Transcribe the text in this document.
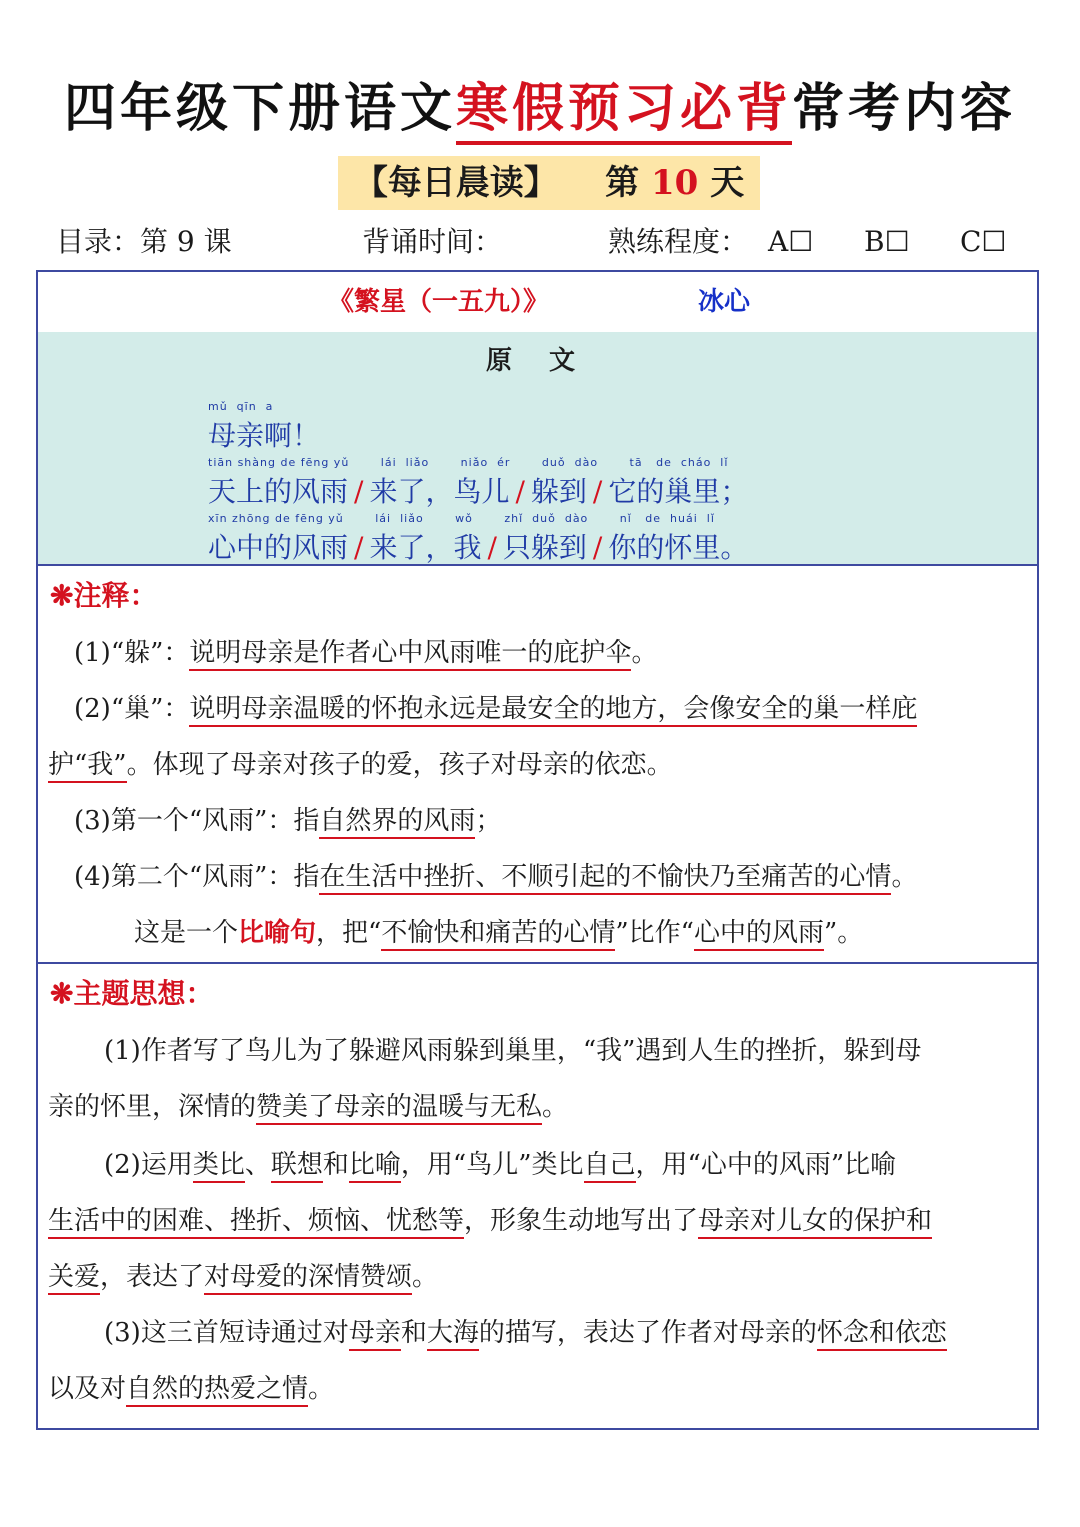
四年级下册语文寒假预习必背常考内容
【每日晨读】 第 10 天
目录：第 9 课	背诵时间：	熟练程度： A☐ B☐ C☐
《繁星（一五九）》	冰心
原 文
mǔ  qīn  a
母亲啊！
tiān shàng de fēng yǔ       lái  liǎo       niǎo  ér       duǒ  dào       tā   de  cháo  lǐ
天上的风雨 / 来了，鸟儿 / 躲到 / 它的巢里；
xīn zhōng de fēng yǔ       lái  liǎo       wǒ       zhǐ  duǒ  dào       nǐ   de  huái  lǐ
心中的风雨 / 来了，我 / 只躲到 / 你的怀里。
❋注释：
(1)“躲”：说明母亲是作者心中风雨唯一的庇护伞。
(2)“巢”：说明母亲温暖的怀抱永远是最安全的地方，会像安全的巢一样庇
护“我”。体现了母亲对孩子的爱，孩子对母亲的依恋。
(3)第一个“风雨”：指自然界的风雨；
(4)第二个“风雨”：指在生活中挫折、不顺引起的不愉快乃至痛苦的心情。
这是一个比喻句，把“不愉快和痛苦的心情”比作“心中的风雨”。
❋主题思想：
(1)作者写了鸟儿为了躲避风雨躲到巢里，“我”遇到人生的挫折，躲到母
亲的怀里，深情的赞美了母亲的温暖与无私。
(2)运用类比、联想和比喻，用“鸟儿”类比自己，用“心中的风雨”比喻
生活中的困难、挫折、烦恼、忧愁等，形象生动地写出了母亲对儿女的保护和
关爱，表达了对母爱的深情赞颂。
(3)这三首短诗通过对母亲和大海的描写，表达了作者对母亲的怀念和依恋
以及对自然的热爱之情。
